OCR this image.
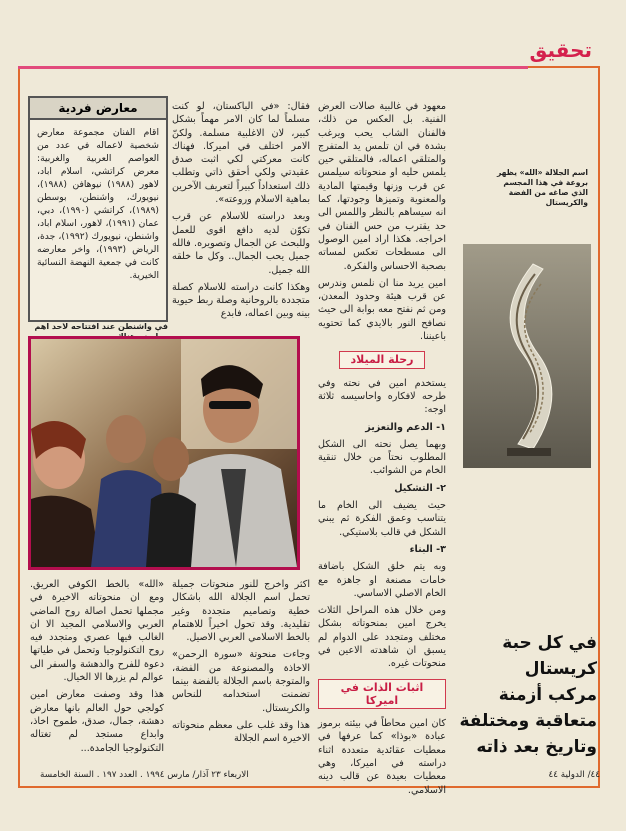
تحقيق

معهود في غالبية صالات العرض الفنية. بل العكس من ذلك، فالفنان الشاب يحب ويرغب بشدة في ان تلمس يد المتفرج والمتلقي اعماله، فالمتلقي حين يلمس حليه او منحوتاته سيلمس عن قرب وزنها وقيمتها المادية والمعنوية وتميزها وجودتها، كما انه سيساهم بالنظر واللمس الى حد يقترب من حس الفنان في اخراجه. هكذا اراد امين الوصول الى مسطحات تعكس لمساته بصحبة الاحساس والفكرة.

امين يريد منا ان نلمس وندرس عن قرب هيئة وحدود المعدن، ومن ثم نفتح معه بوابة الى حيث نصافح النور بالايدي كما تحتويه باعيننا.

رحلة الميلاد

يستخدم امين في نحته وفي طرحه لافكاره واحاسيسه ثلاثة اوجه:

١- الدعم والتعزيز

وبهما يصل نحته الى الشكل المطلوب نحتاً من خلال تنقية الخام من الشوائب.

٢- التشكيل

حيث يضيف الى الخام ما يتناسب وعمق الفكرة ثم يبني الشكل في قالب بلاستيكي.

٣- البناء

وبه يتم خلق الشكل باضافة خامات مصنعة او جاهزة مع الخام الاصلي الاساسي.

ومن خلال هذه المراحل الثلاث يخرج امين بمنحوتاته بشكل مختلف ومتجدد على الدوام لم يسبق ان شاهدته الاعين في منحوتات غيره.

اثبات الذات في اميركا

كان امين محاطاً في بيئته برموز عبادة «بوذا» كما عرفها في معطيات عقائدية متعددة اثناء دراسته في اميركا، وهي معطيات بعيدة عن قالب دينه الاسلامي.

فقال: «في الباكستان، لو كنت مسلماً لما كان الامر مهماً بشكل كبير، لان الاغلبية مسلمة. ولكنّ الامر اختلف في اميركا. فهناك كانت معركتي لكي اثبت صدق عقيدتي ولكي أحقق ذاتي وتطلب ذلك استعداداً كبيراً لتعريف الآخرين بماهية الاسلام وروعته».

وبعد دراسته للاسلام عن قرب تكوّن لديه دافع اقوى للعمل وللبحث عن الجمال وتصويره. فالله جميل يحب الجمال.. وكل ما خلقه الله جميل.

وهكذا كانت دراسته للاسلام كصلة متجددة بالروحانية وصلة ربط حيوية بينه وبين اعماله، فابدع

اكثر واخرج للنور منحوتات جميلة تحمل اسم الجلالة الله باشكال خطية وتصاميم متجددة وغير تقليدية. وقد تحول اخيراً للاهتمام بالخط الاسلامي العربي الاصيل.

وجاءت منحوتة «سورة الرحمن» الاخاذة والمصنوعة من الفضة، والمتوجة باسم الجلالة بالفضة بينما تضمنت استخدامه للنحاس والكريستال.

هذا وقد غلب على معظم منحوتاته الاخيرة اسم الجلالة

معارض فردية
اقام الفنان مجموعة معارض شخصية لاعماله في عدد من العواصم العربية والغربية: معرض كراتشي، اسلام اباد، لاهور (١٩٨٨) نيوهافن (١٩٨٨)، نيويورك، واشنطن، بوسطن (١٩٨٩)، كراتشي (١٩٩٠)، دبي، عمان (١٩٩١)، لاهور، اسلام اباد، واشنطن، نيويورك (١٩٩٢)، جدة، الرياض (١٩٩٣)، واخر معارضه كانت في جمعية النهضة النسائية الخيرية.
في واشنطن عند افتتاحه لاحد اهم

«الله» بالخط الكوفي العريق. ومع ان منحوتاته الاخيرة في مجملها تحمل اصالة روح الماضي العربي والاسلامي المجيد الا ان الغالب فيها عصري ومتجدد فيه روح التكنولوجيا وتحمل في طياتها دعوة للفرح والدهشة والسفر الى عوالم لم يزرها الا الخيال.

هذا وقد وصفت معارض امين كولجي حول العالم بانها معارض دهشة، جمال، صدق، طموح اخاذ، وابداع مستجد لم تغتاله التكنولوجيا الجامدة...

اسم الجلالة «الله» يظهر بروعة في هذا المجسم الذي صاغه من الفضة والكريستال
في كل حبة
كريستال
مركب أزمنة
متعاقبة ومختلفة
وتاريخ بعد ذاته
٤٤/ الدولية ٤٤
الاربعاء ٢٣ آذار/ مارس ١٩٩٤ . العدد ١٩٧ . السنة الخامسة
